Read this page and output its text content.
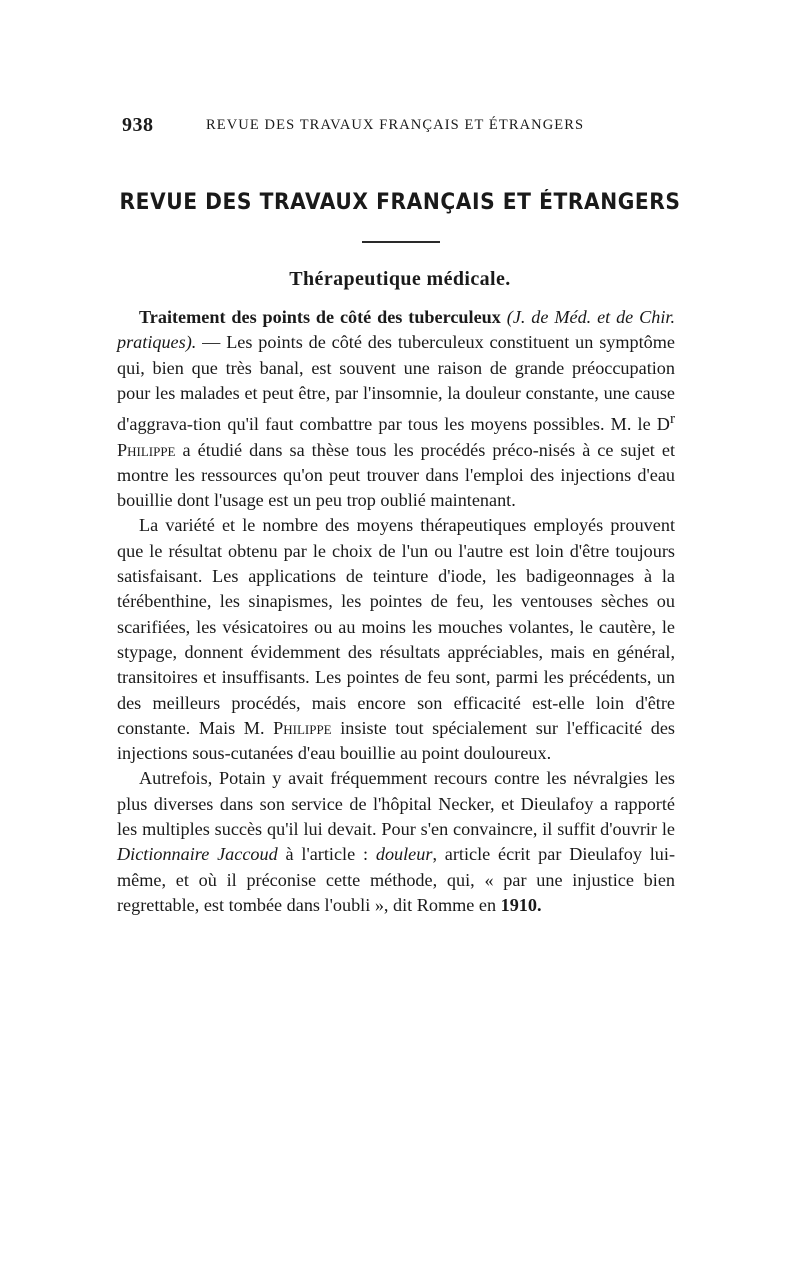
938	REVUE DES TRAVAUX FRANÇAIS ET ÉTRANGERS
REVUE DES TRAVAUX FRANÇAIS ET ÉTRANGERS
Thérapeutique médicale.

Traitement des points de côté des tuberculeux (J. de Méd. et de Chir. pratiques). — Les points de côté des tuberculeux constituent un symptôme qui, bien que très banal, est souvent une raison de grande préoccupation pour les malades et peut être, par l'insomnie, la douleur constante, une cause d'aggrava-tion qu'il faut combattre par tous les moyens possibles. M. le $D^r$ Philippe a étudié dans sa thèse tous les procédés préco-nisés à ce sujet et montre les ressources qu'on peut trouver dans l'emploi des injections d'eau bouillie dont l'usage est un peu trop oublié maintenant.

La variété et le nombre des moyens thérapeutiques employés prouvent que le résultat obtenu par le choix de l'un ou l'autre est loin d'être toujours satisfaisant. Les applications de teinture d'iode, les badigeonnages à la térébenthine, les sinapismes, les pointes de feu, les ventouses sèches ou scarifiées, les vésicatoires ou au moins les mouches volantes, le cautère, le stypage, donnent évidemment des résultats appréciables, mais en général, transitoires et insuffisants. Les pointes de feu sont, parmi les précédents, un des meilleurs procédés, mais encore son efficacité est-elle loin d'être constante. Mais M. Philippe insiste tout spécialement sur l'efficacité des injections sous-cutanées d'eau bouillie au point douloureux.

Autrefois, Potain y avait fréquemment recours contre les névralgies les plus diverses dans son service de l'hôpital Necker, et Dieulafoy a rapporté les multiples succès qu'il lui devait. Pour s'en convaincre, il suffit d'ouvrir le Dictionnaire Jaccoud à l'article : douleur, article écrit par Dieulafoy lui-même, et où il préconise cette méthode, qui, « par une injustice bien regrettable, est tombée dans l'oubli », dit Romme en 1910.
